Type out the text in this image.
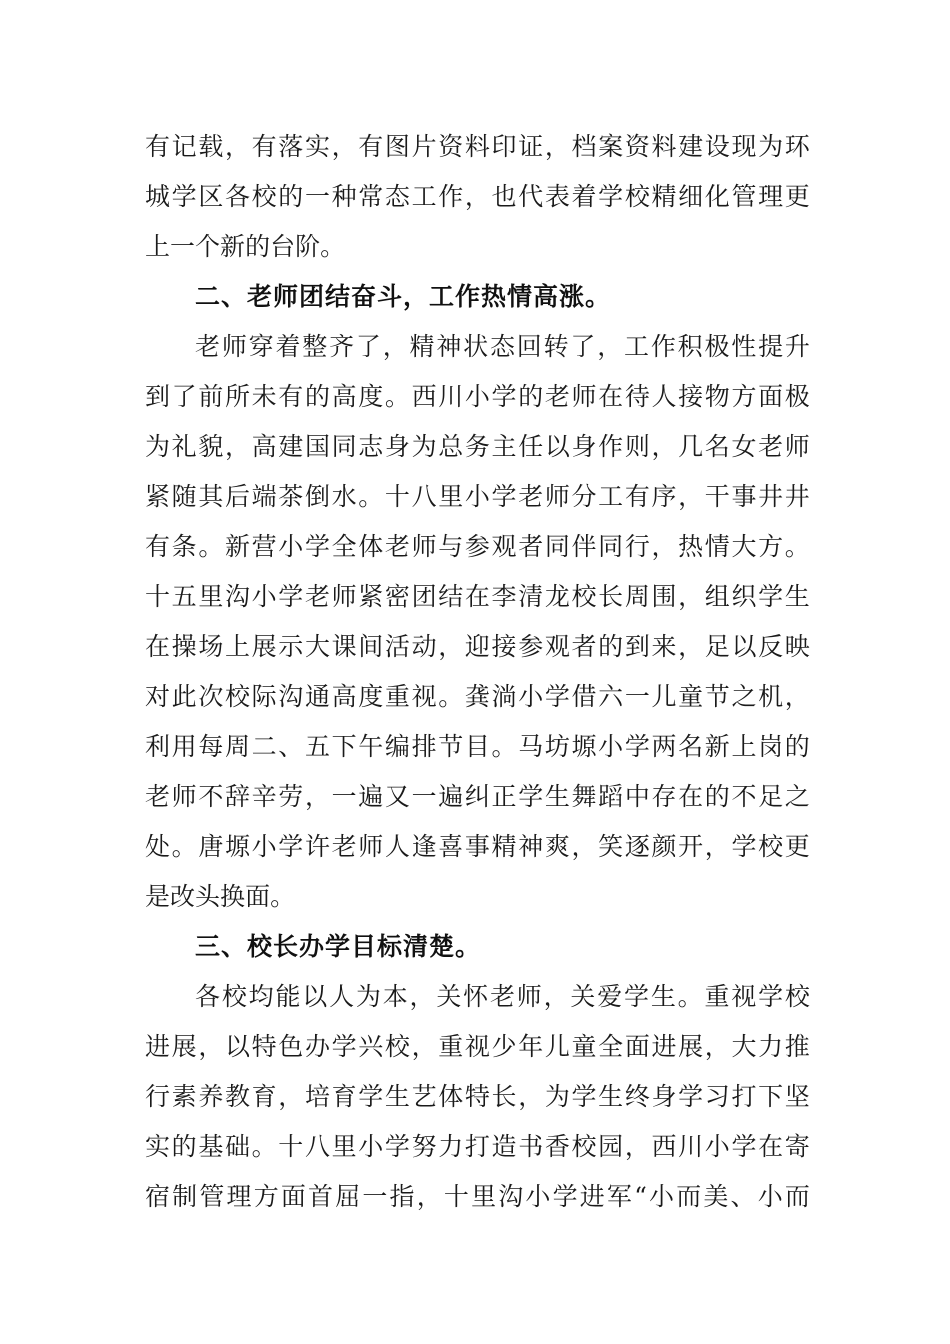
有 记 载 ， 有 落 实 ， 有 图 片 资 料 印 证 ， 档 案 资 料 建 设 现 为 环
城 学 区 各 校 的 一 种 常 态 工 作 ， 也 代 表 着 学 校 精 细 化 管 理 更
上 一 个 新 的 台 阶 。
二、老师团结奋斗，工作热情高涨。
老 师 穿 着 整 齐 了 ， 精 神 状 态 回 转 了 ， 工 作 积 极 性 提 升
到 了 前 所 未 有 的 高 度 。 西 川 小 学 的 老 师 在 待 人 接 物 方 面 极
为 礼 貌 ， 高 建 国 同 志 身 为 总 务 主 任 以 身 作 则 ， 几 名 女 老 师
紧 随 其 后 端 茶 倒 水 。 十 八 里 小 学 老 师 分 工 有 序 ， 干 事 井 井
有 条 。 新 营 小 学 全 体 老 师 与 参 观 者 同 伴 同 行 ， 热 情 大 方 。
十 五 里 沟 小 学 老 师 紧 密 团 结 在 李 清 龙 校 长 周 围 ， 组 织 学 生
在 操 场 上 展 示 大 课 间 活 动 ， 迎 接 参 观 者 的 到 来 ， 足 以 反 映
对 此 次 校 际 沟 通 高 度 重 视 。 龚 淌 小 学 借 六 一 儿 童 节 之 机 ，
利 用 每 周 二 、 五 下 午 编 排 节 目 。 马 坊 塬 小 学 两 名 新 上 岗 的
老 师 不 辞 辛 劳 ， 一 遍 又 一 遍 纠 正 学 生 舞 蹈 中 存 在 的 不 足 之
处 。 唐 塬 小 学 许 老 师 人 逢 喜 事 精 神 爽 ， 笑 逐 颜 开 ， 学 校 更
是 改 头 换 面 。
三、校长办学目标清楚。
各 校 均 能 以 人 为 本 ， 关 怀 老 师 ， 关 爱 学 生 。 重 视 学 校
进 展 ， 以 特 色 办 学 兴 校 ， 重 视 少 年 儿 童 全 面 进 展 ， 大 力 推
行 素 养 教 育 ， 培 育 学 生 艺 体 特 长 ， 为 学 生 终 身 学 习 打 下 坚
实 的 基 础 。 十 八 里 小 学 努 力 打 造 书 香 校 园 ， 西 川 小 学 在 寄
宿 制 管 理 方 面 首 屈 一 指 ， 十 里 沟 小 学 进 军 “ 小 而 美 、 小 而
